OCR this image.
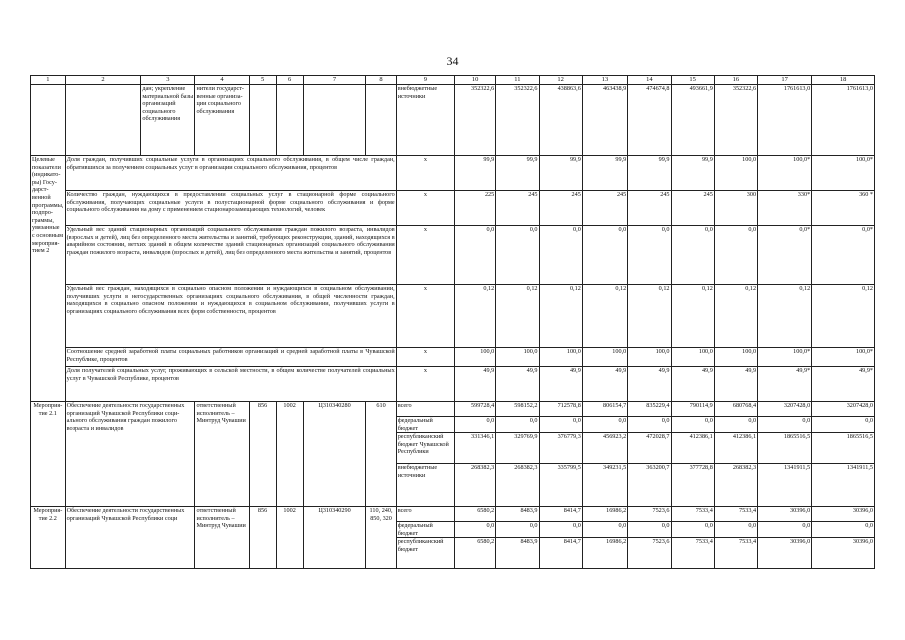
34
1	2	3	4	5	6	7	8	9	10	11	12	13	14	15	16	17	18
		дан; укрепление материальной базы организаций социального обслуживания	нители государственные организации социального обслуживания					внебюджетные источники	352322,6	352322,6	438863,6	463438,9	474674,8	493661,9	352322,6	1761613,0	1761613,0
Целевые показатели (индикаторы) Государственной программы, подпрограммы, увязанные с основным мероприятием 2	Доля граждан, получивших социальные услуги в организациях социального обслуживания, в общем числе граждан, обратившихся за получением социальных услуг в организации социального обслуживания, процентов							х	99,9	99,9	99,9	99,9	99,9	99,9	100,0	100,0*	100,0*
	Количество граждан, нуждающихся в предоставлении социальных услуг в стационарной форме социального обслуживания, получающих социальные услуги в полустационарной форме социального обслуживания и форме социального обслуживания на дому с применением стационарозамещающих технологий, человек							х	225	245	245	245	245	245	300	330*	360 *
	Удельный вес зданий стационарных организаций социального обслуживания граждан пожилого возраста, инвалидов (взрослых и детей), лиц без определенного места жительства и занятий, требующих реконструкции, зданий, находящихся в аварийном состоянии, ветхих зданий в общем количестве зданий стационарных организаций социального обслуживания граждан пожилого возраста, инвалидов (взрослых и детей), лиц без определенного места жительства и занятий, процентов							х	0,0	0,0	0,0	0,0	0,0	0,0	0,0	0,0*	0,0*
	Удельный вес граждан, находящихся в социально опасном положении и нуждающихся в социальном обслуживании, получивших услуги в негосударственных организациях социального обслуживания, в общей численности граждан, находящихся в социально опасном положении и нуждающихся в социальном обслуживании, получивших услуги в организациях социального обслуживания всех форм собственности, процентов							х	0,12	0,12	0,12	0,12	0,12	0,12	0,12	0,12	0,12
	Соотношение средней заработной платы социальных работников организаций и средней заработной платы в Чувашской Республике, процентов							х	100,0	100,0	100,0	100,0	100,0	100,0	100,0	100,0*	100,0*
	Доля получателей социальных услуг, проживающих в сельской местности, в общем количестве получателей социальных услуг в Чувашской Республике, процентов							х	49,9	49,9	49,9	49,9	49,9	49,9	49,9	49,9*	49,9*
Мероприятие 2.1	Обеспечение деятельности государственных организаций Чувашской Республики социального обслуживания граждан пожилого возраста и инвалидов		ответственный исполнитель – Минтруд Чувашии	856	1002	Ц310340280	610	всего	599728,4	598152,2	712578,8	806154,7	835229,4	790114,9	680768,4	3207428,0	3207428,0
								федеральный бюджет	0,0	0,0	0,0	0,0	0,0	0,0	0,0	0,0	0,0
								республиканский бюджет Чувашской Республики	331346,1	329769,9	376779,3	456923,2	472028,7	412386,1	412386,1	1865516,5	1865516,5
								внебюджетные источники	268382,3	268382,3	335799,5	349231,5	363200,7	377728,8	268382,3	1341911,5	1341911,5
Мероприятие 2.2	Обеспечение деятельности государственных организаций Чувашской Республики соци		ответственный исполнитель – Минтруд Чувашии	856	1002	Ц310340290	110, 240, 850, 320	всего	6580,2	8483,9	8414,7	16986,2	7523,6	7533,4	7533,4	30396,0	30396,0
								федеральный бюджет	0,0	0,0	0,0	0,0	0,0	0,0	0,0	0,0	0,0
								республиканский бюджет	6580,2	8483,9	8414,7	16986,2	7523,6	7533,4	7533,4	30396,0	30396,0
